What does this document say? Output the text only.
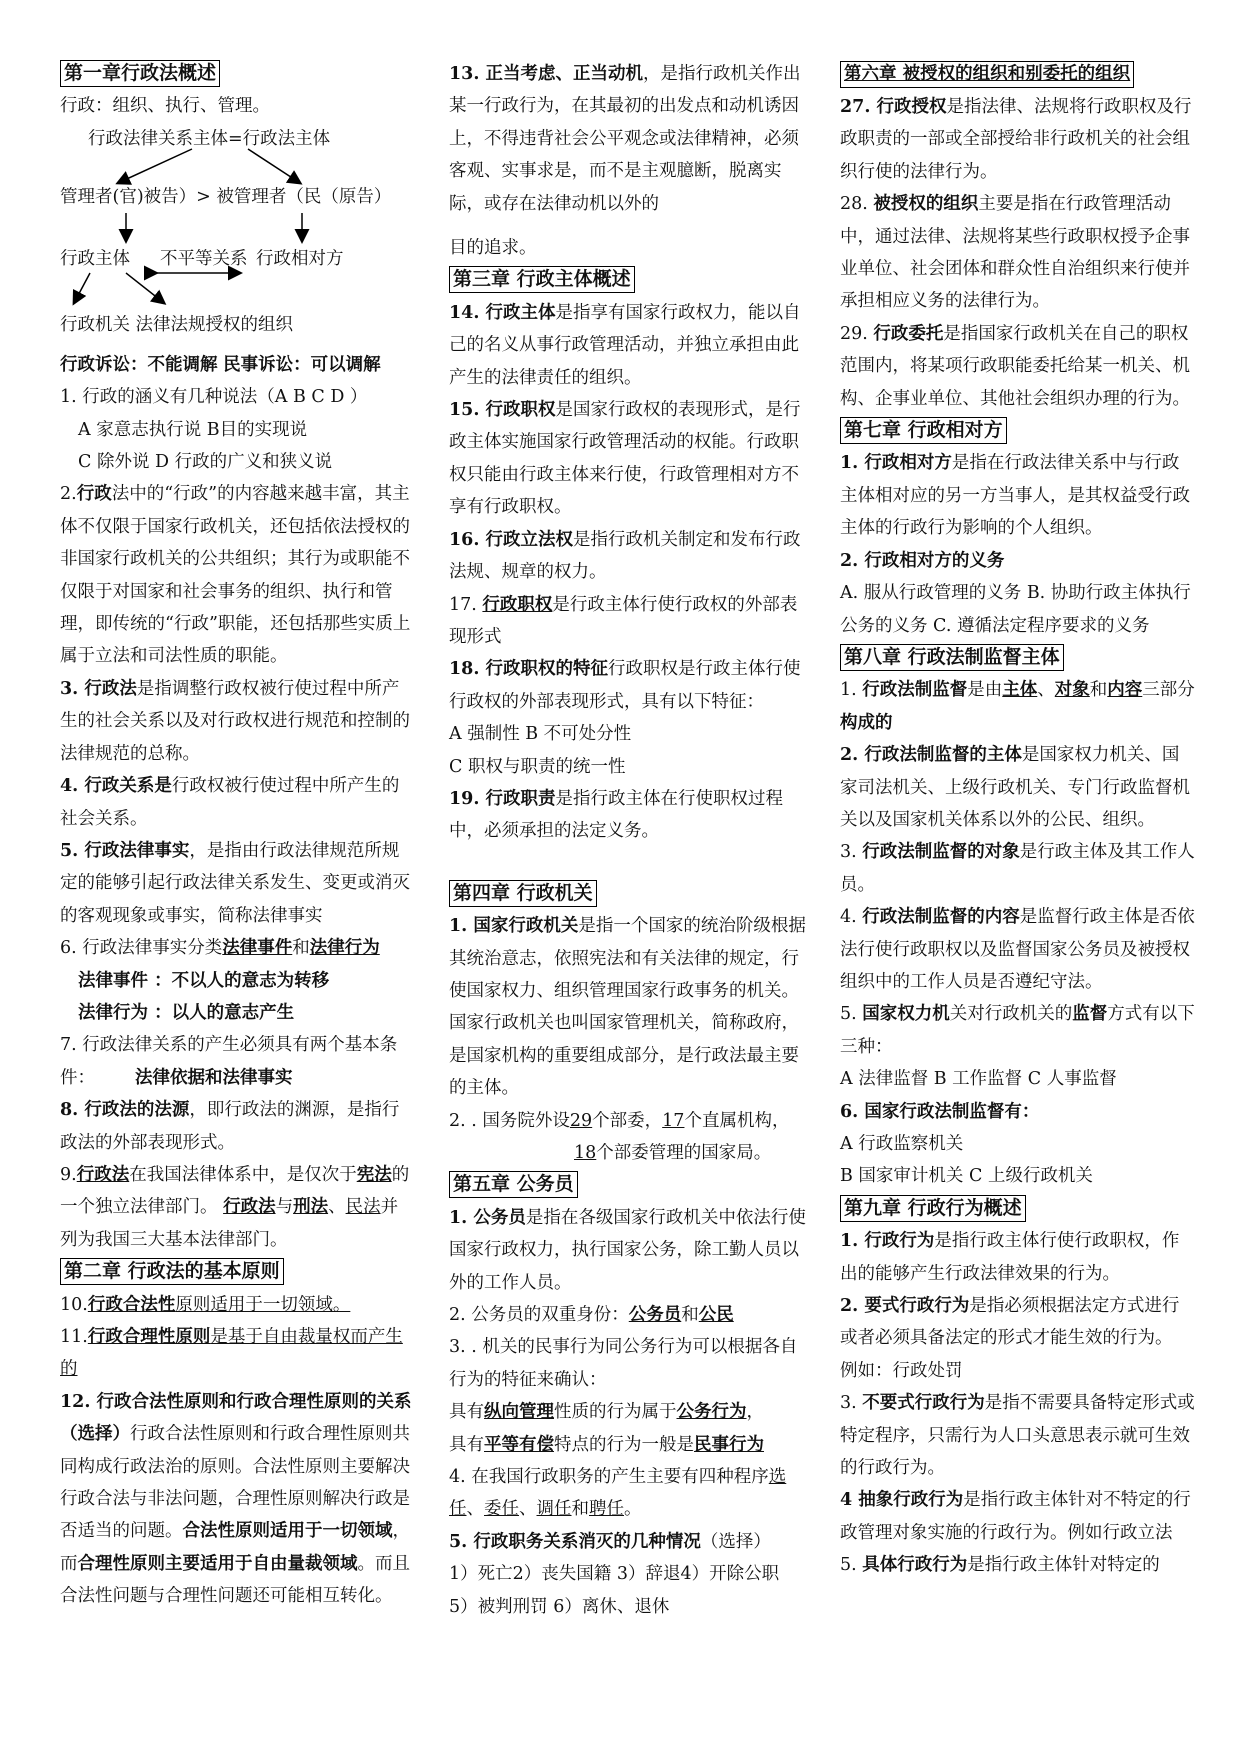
第一章行政法概述

行政：组织、执行、管理。

行政法律关系主体=行政法主体
管理者(官)被告）> 被管理者（民（原告）
行政主体 不平等关系 行政相对方
行政机关 法律法规授权的组织

行政诉讼：不能调解 民事诉讼：可以调解

1. 行政的涵义有几种说法（A B C D ）

A 家意志执行说 B目的实现说

C 除外说 D 行政的广义和狭义说

2.行政法中的“行政”的内容越来越丰富，其主体不仅限于国家行政机关，还包括依法授权的非国家行政机关的公共组织；其行为或职能不仅限于对国家和社会事务的组织、执行和管理，即传统的“行政”职能，还包括那些实质上属于立法和司法性质的职能。

3. 行政法是指调整行政权被行使过程中所产生的社会关系以及对行政权进行规范和控制的法律规范的总称。

4. 行政关系是行政权被行使过程中所产生的社会关系。

5. 行政法律事实，是指由行政法律规范所规定的能够引起行政法律关系发生、变更或消灭的客观现象或事实，简称法律事实

6. 行政法律事实分类法律事件和法律行为

法律事件 ：不以人的意志为转移

法律行为 ：以人的意志产生

7. 行政法律关系的产生必须具有两个基本条件： 法律依据和法律事实

8. 行政法的法源，即行政法的渊源，是指行政法的外部表现形式。

9.行政法在我国法律体系中，是仅次于宪法的一个独立法律部门。 行政法与刑法、民法并列为我国三大基本法律部门。

第二章 行政法的基本原则

10.行政合法性原则适用于一切领域。

11.行政合理性原则是基于自由裁量权而产生的

12. 行政合法性原则和行政合理性原则的关系（选择）行政合法性原则和行政合理性原则共同构成行政法治的原则。合法性原则主要解决行政合法与非法问题，合理性原则解决行政是否适当的问题。合法性原则适用于一切领域，而合理性原则主要适用于自由量裁领域。而且合法性问题与合理性问题还可能相互转化。

13. 正当考虑、正当动机，是指行政机关作出某一行政行为，在其最初的出发点和动机诱因上，不得违背社会公平观念或法律精神，必须客观、实事求是，而不是主观臆断，脱离实际，或存在法律动机以外的

目的追求。

第三章 行政主体概述

14. 行政主体是指享有国家行政权力，能以自己的名义从事行政管理活动，并独立承担由此产生的法律责任的组织。

15. 行政职权是国家行政权的表现形式，是行政主体实施国家行政管理活动的权能。行政职权只能由行政主体来行使，行政管理相对方不享有行政职权。

16. 行政立法权是指行政机关制定和发布行政法规、规章的权力。

17. 行政职权是行政主体行使行政权的外部表现形式

18. 行政职权的特征行政职权是行政主体行使行政权的外部表现形式，具有以下特征：

A 强制性 B 不可处分性

C 职权与职责的统一性

19. 行政职责是指行政主体在行使职权过程中，必须承担的法定义务。

第四章 行政机关

1. 国家行政机关是指一个国家的统治阶级根据其统治意志，依照宪法和有关法律的规定，行使国家权力、组织管理国家行政事务的机关。国家行政机关也叫国家管理机关，简称政府，是国家机构的重要组成部分，是行政法最主要的主体。

2. . 国务院外设29个部委，17个直属机构，

18个部委管理的国家局。

第五章 公务员

1. 公务员是指在各级国家行政机关中依法行使国家行政权力，执行国家公务，除工勤人员以外的工作人员。

2. 公务员的双重身份：公务员和公民

3. . 机关的民事行为同公务行为可以根据各自行为的特征来确认：

具有纵向管理性质的行为属于公务行为，

具有平等有偿特点的行为一般是民事行为

4. 在我国行政职务的产生主要有四种程序选任、委任、调任和聘任。

5. 行政职务关系消灭的几种情况（选择）

1）死亡2）丧失国籍 3）辞退4）开除公职

5）被判刑罚 6）离休、退休

第六章 被授权的组织和别委托的组织

27. 行政授权是指法律、法规将行政职权及行政职责的一部或全部授给非行政机关的社会组织行使的法律行为。

28. 被授权的组织主要是指在行政管理活动中，通过法律、法规将某些行政职权授予企事业单位、社会团体和群众性自治组织来行使并承担相应义务的法律行为。

29. 行政委托是指国家行政机关在自己的职权范围内，将某项行政职能委托给某一机关、机构、企事业单位、其他社会组织办理的行为。

第七章 行政相对方

1. 行政相对方是指在行政法律关系中与行政主体相对应的另一方当事人，是其权益受行政主体的行政行为影响的个人组织。

2. 行政相对方的义务

A. 服从行政管理的义务 B. 协助行政主体执行公务的义务 C. 遵循法定程序要求的义务

第八章 行政法制监督主体

1. 行政法制监督是由主体、对象和内容三部分构成的

2. 行政法制监督的主体是国家权力机关、国家司法机关、上级行政机关、专门行政监督机关以及国家机关体系以外的公民、组织。

3. 行政法制监督的对象是行政主体及其工作人员。

4. 行政法制监督的内容是监督行政主体是否依法行使行政职权以及监督国家公务员及被授权组织中的工作人员是否遵纪守法。

5. 国家权力机关对行政机关的监督方式有以下三种：

A 法律监督 B 工作监督 C 人事监督

6. 国家行政法制监督有：

A 行政监察机关

B 国家审计机关 C 上级行政机关

第九章 行政行为概述

1. 行政行为是指行政主体行使行政职权，作出的能够产生行政法律效果的行为。

2. 要式行政行为是指必须根据法定方式进行或者必须具备法定的形式才能生效的行为。 例如：行政处罚

3. 不要式行政行为是指不需要具备特定形式或特定程序，只需行为人口头意思表示就可生效的行政行为。

4 抽象行政行为是指行政主体针对不特定的行政管理对象实施的行政行为。例如行政立法

5. 具体行政行为是指行政主体针对特定的
